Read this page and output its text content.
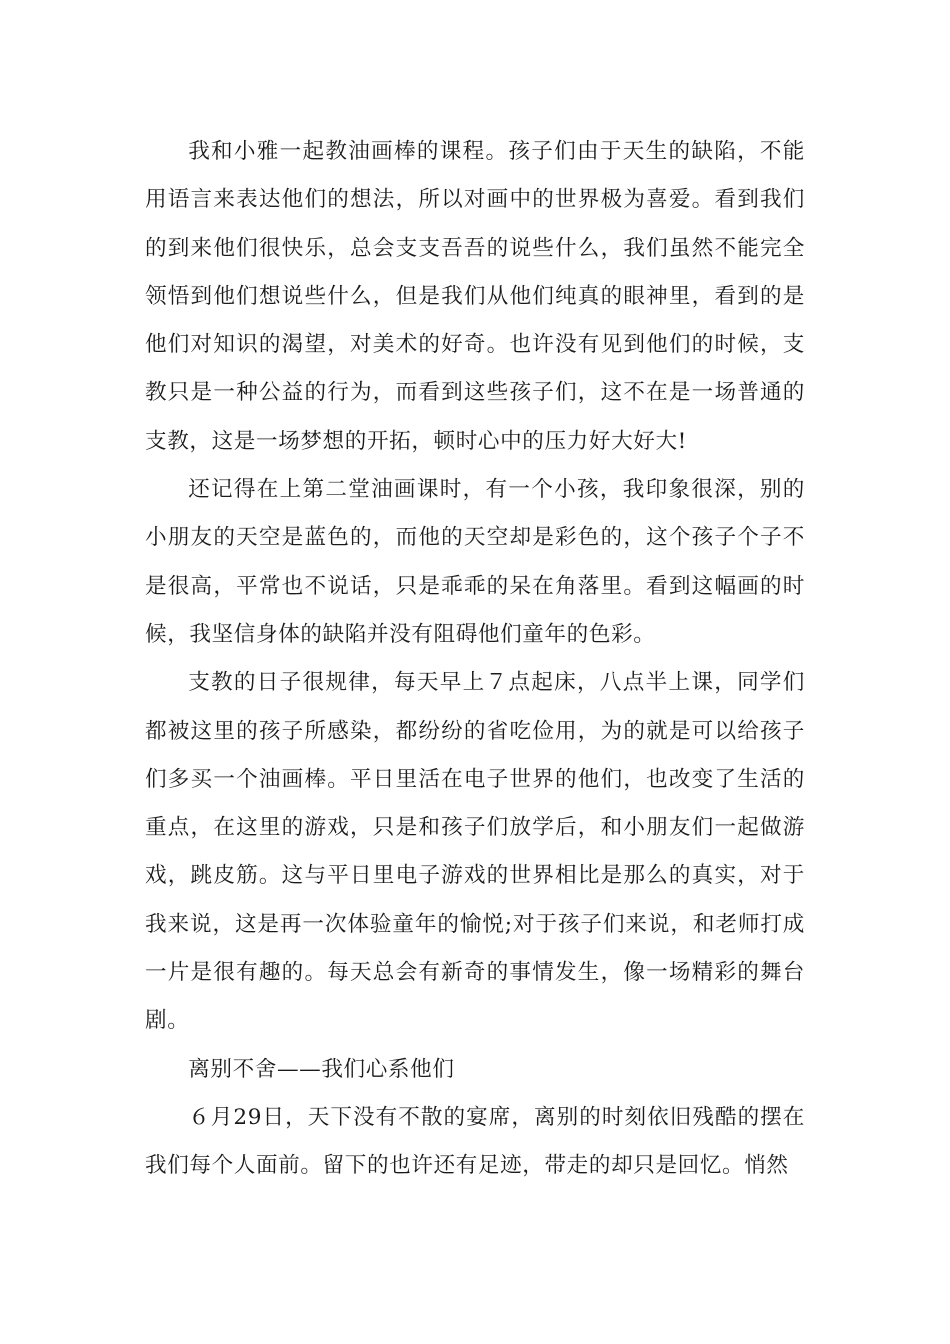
我和小雅一起教油画棒的课程。孩子们由于天生的缺陷，不能用语言来表达他们的想法，所以对画中的世界极为喜爱。看到我们的到来他们很快乐，总会支支吾吾的说些什么，我们虽然不能完全领悟到他们想说些什么，但是我们从他们纯真的眼神里，看到的是他们对知识的渴望，对美术的好奇。也许没有见到他们的时候，支教只是一种公益的行为，而看到这些孩子们，这不在是一场普通的支教，这是一场梦想的开拓，顿时心中的压力好大好大!

还记得在上第二堂油画课时，有一个小孩，我印象很深，别的小朋友的天空是蓝色的，而他的天空却是彩色的，这个孩子个子不是很高，平常也不说话，只是乖乖的呆在角落里。看到这幅画的时候，我坚信身体的缺陷并没有阻碍他们童年的色彩。

支教的日子很规律，每天早上７点起床，八点半上课，同学们都被这里的孩子所感染，都纷纷的省吃俭用，为的就是可以给孩子们多买一个油画棒。平日里活在电子世界的他们，也改变了生活的重点，在这里的游戏，只是和孩子们放学后，和小朋友们一起做游戏，跳皮筋。这与平日里电子游戏的世界相比是那么的真实，对于我来说，这是再一次体验童年的愉悦;对于孩子们来说，和老师打成一片是很有趣的。每天总会有新奇的事情发生，像一场精彩的舞台剧。

离别不舍——我们心系他们

６月29日，天下没有不散的宴席，离别的时刻依旧残酷的摆在我们每个人面前。留下的也许还有足迹，带走的却只是回忆。悄然
